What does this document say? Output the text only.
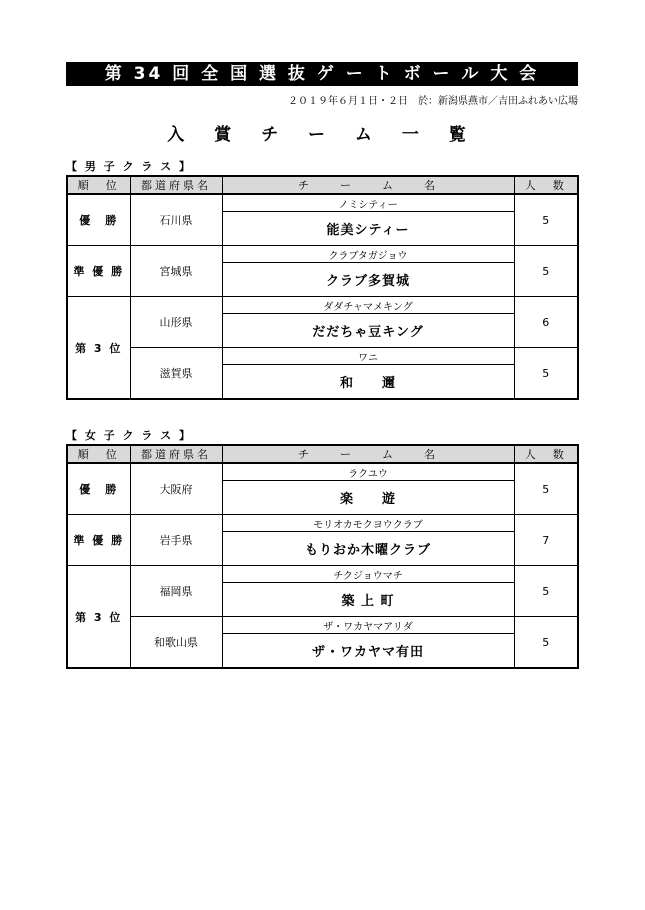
第 34 回 全 国 選 抜 ゲ ー ト ボ ー ル 大 会
２０１９年６月１日・２日　於：新潟県燕市／吉田ふれあい広場
入 賞 チ ー ム 一 覧
【 男 子 ク ラ ス 】
順　位	都道府県名	チ　　ー　　ム　　名	人　数
優　勝	石川県	ノミシティー	5
		能美シティー	
準 優 勝	宮城県	クラブタガジョウ	5
		クラブ多賀城	
第 3 位	山形県	ダダチャマメキング	6
		だだちゃ豆キング	
	滋賀県	ワニ	5
		和　　邇	
【 女 子 ク ラ ス 】
順　位	都道府県名	チ　　ー　　ム　　名	人　数
優　勝	大阪府	ラクユウ	5
		楽　　遊	
準 優 勝	岩手県	モリオカモクヨウクラブ	7
		もりおか木曜クラブ	
第 3 位	福岡県	チクジョウマチ	5
		築 上 町	
	和歌山県	ザ・ワカヤマアリダ	5
		ザ・ワカヤマ有田	
